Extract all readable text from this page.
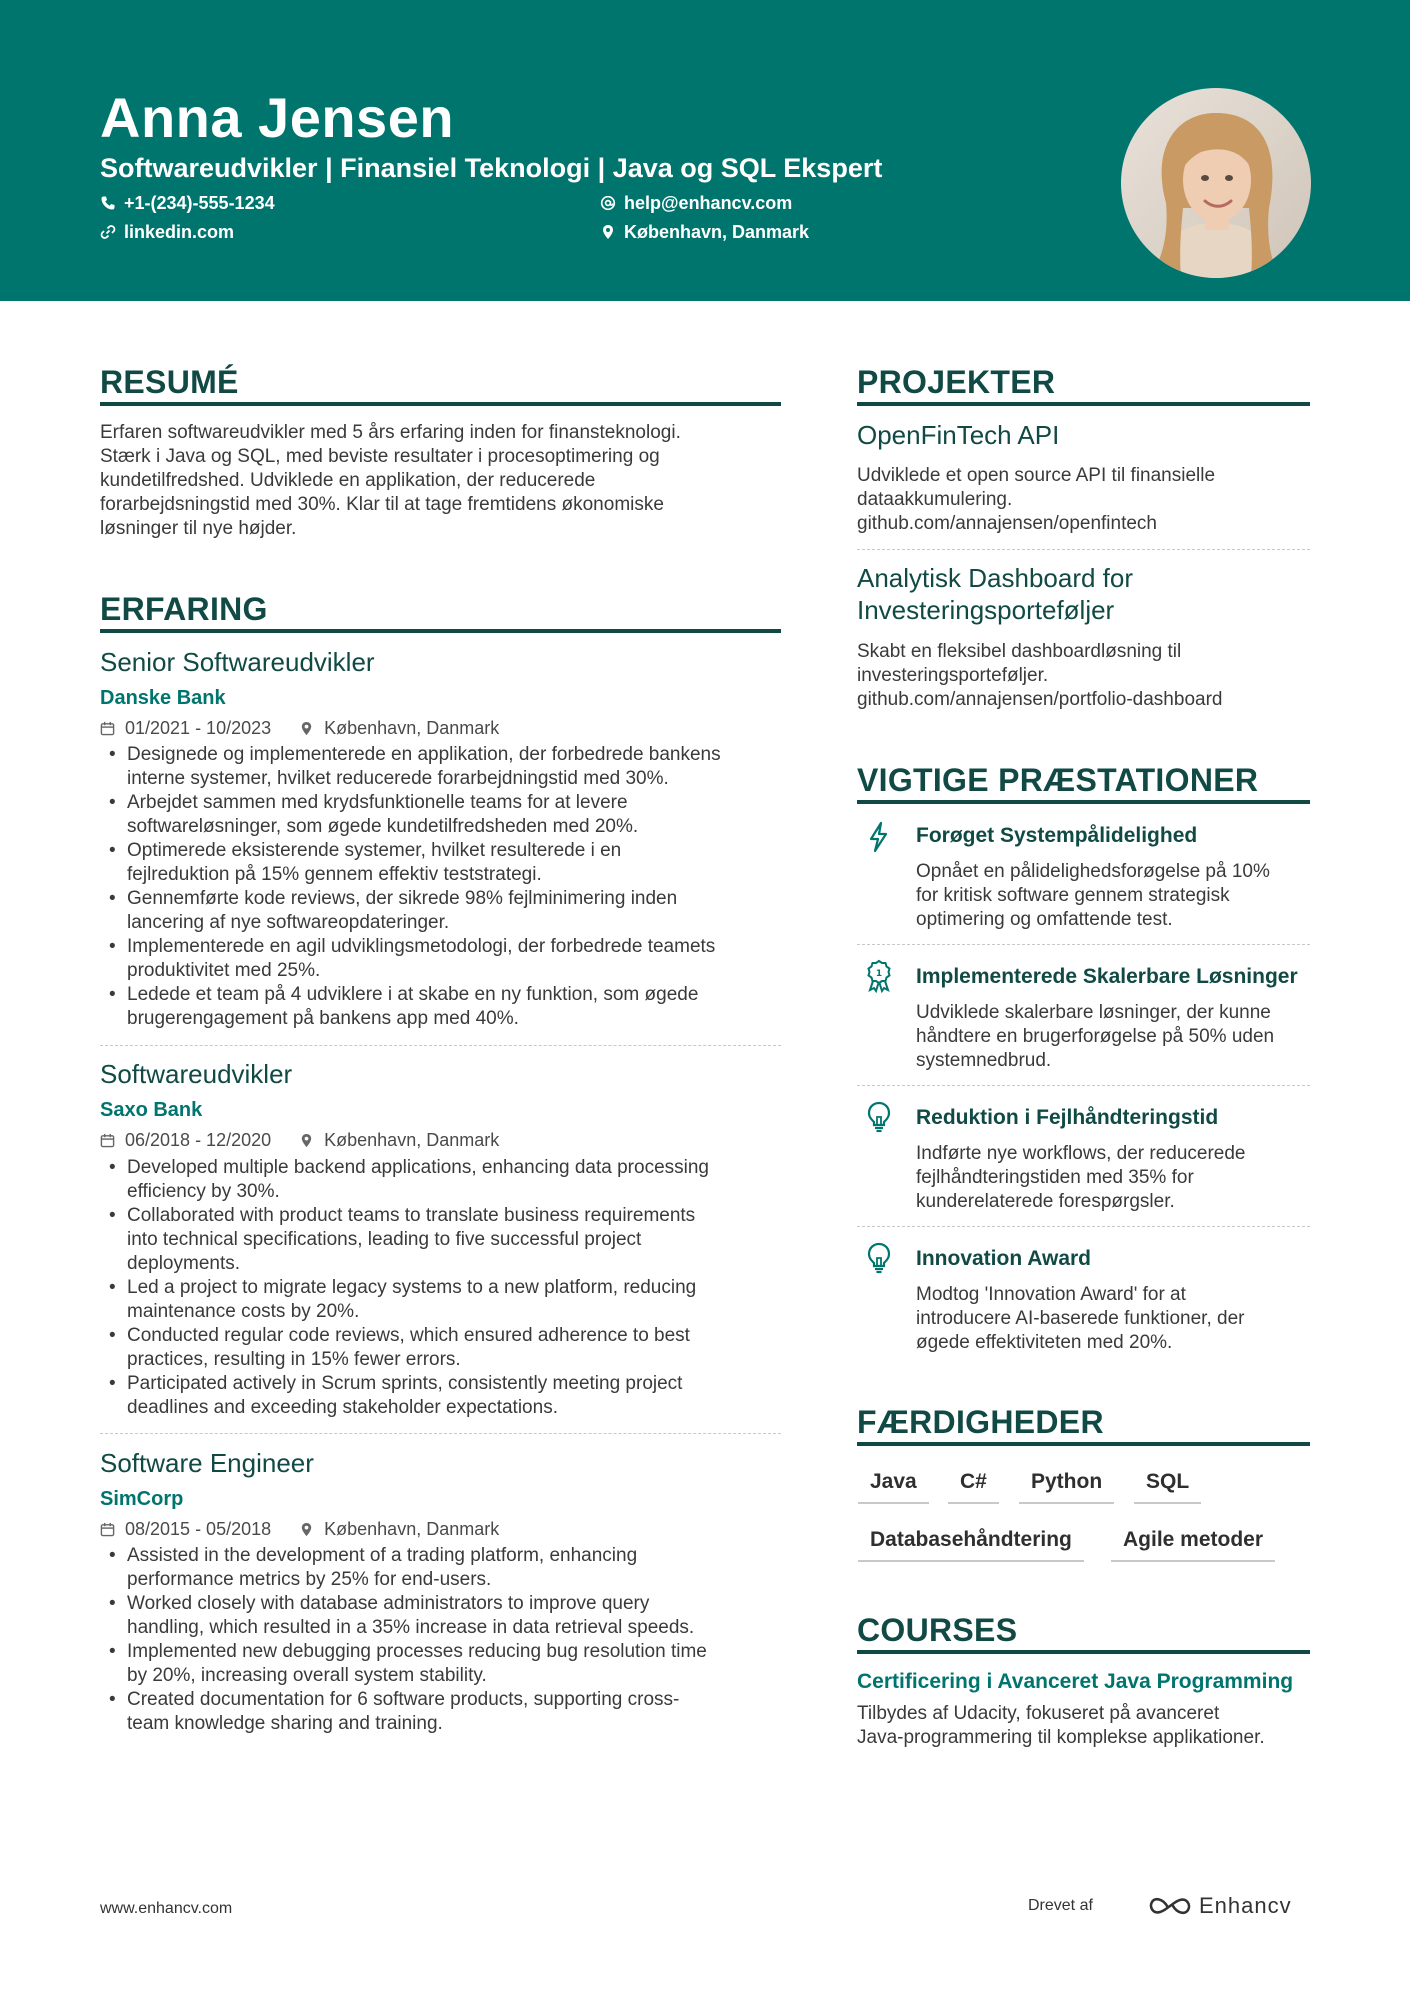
Anna Jensen
Softwareudvikler | Finansiel Teknologi | Java og SQL Ekspert
+1-(234)-555-1234	help@enhancv.com
linkedin.com	København, Danmark
RESUMÉ
Erfaren softwareudvikler med 5 års erfaring inden for finansteknologi.
Stærk i Java og SQL, med beviste resultater i procesoptimering og
kundetilfredshed. Udviklede en applikation, der reducerede
forarbejdsningstid med 30%. Klar til at tage fremtidens økonomiske
løsninger til nye højder.
ERFARING
Senior Softwareudvikler
Danske Bank
01/2021 - 10/2023	København, Danmark
• Designede og implementerede en applikation, der forbedrede bankens
interne systemer, hvilket reducerede forarbejdningstid med 30%.
• Arbejdet sammen med krydsfunktionelle teams for at levere
softwareløsninger, som øgede kundetilfredsheden med 20%.
• Optimerede eksisterende systemer, hvilket resulterede i en
fejlreduktion på 15% gennem effektiv teststrategi.
• Gennemførte kode reviews, der sikrede 98% fejlminimering inden
lancering af nye softwareopdateringer.
• Implementerede en agil udviklingsmetodologi, der forbedrede teamets
produktivitet med 25%.
• Ledede et team på 4 udviklere i at skabe en ny funktion, som øgede
brugerengagement på bankens app med 40%.
Softwareudvikler
Saxo Bank
06/2018 - 12/2020	København, Danmark
• Developed multiple backend applications, enhancing data processing
efficiency by 30%.
• Collaborated with product teams to translate business requirements
into technical specifications, leading to five successful project
deployments.
• Led a project to migrate legacy systems to a new platform, reducing
maintenance costs by 20%.
• Conducted regular code reviews, which ensured adherence to best
practices, resulting in 15% fewer errors.
• Participated actively in Scrum sprints, consistently meeting project
deadlines and exceeding stakeholder expectations.
Software Engineer
SimCorp
08/2015 - 05/2018	København, Danmark
• Assisted in the development of a trading platform, enhancing
performance metrics by 25% for end-users.
• Worked closely with database administrators to improve query
handling, which resulted in a 35% increase in data retrieval speeds.
• Implemented new debugging processes reducing bug resolution time
by 20%, increasing overall system stability.
• Created documentation for 6 software products, supporting cross-
team knowledge sharing and training.
PROJEKTER
OpenFinTech API
Udviklede et open source API til finansielle
dataakkumulering.
github.com/annajensen/openfintech
Analytisk Dashboard for
Investeringsporteføljer
Skabt en fleksibel dashboardløsning til
investeringsporteføljer.
github.com/annajensen/portfolio-dashboard
VIGTIGE PRÆSTATIONER
Forøget Systempålidelighed
Opnået en pålidelighedsforøgelse på 10%
for kritisk software gennem strategisk
optimering og omfattende test.
1 Implementerede Skalerbare Løsninger
Udviklede skalerbare løsninger, der kunne
håndtere en brugerforøgelse på 50% uden
systemnedbrud.
Reduktion i Fejlhåndteringstid
Indførte nye workflows, der reducerede
fejlhåndteringstiden med 35% for
kunderelaterede forespørgsler.
Innovation Award
Modtog 'Innovation Award' for at
introducere AI-baserede funktioner, der
øgede effektiviteten med 20%.
FÆRDIGHEDER
Java	C#	Python	SQL
Databasehåndtering	Agile metoder
COURSES
Certificering i Avanceret Java Programming
Tilbydes af Udacity, fokuseret på avanceret
Java-programmering til komplekse applikationer.
www.enhancv.com	Drevet af	Enhancv
